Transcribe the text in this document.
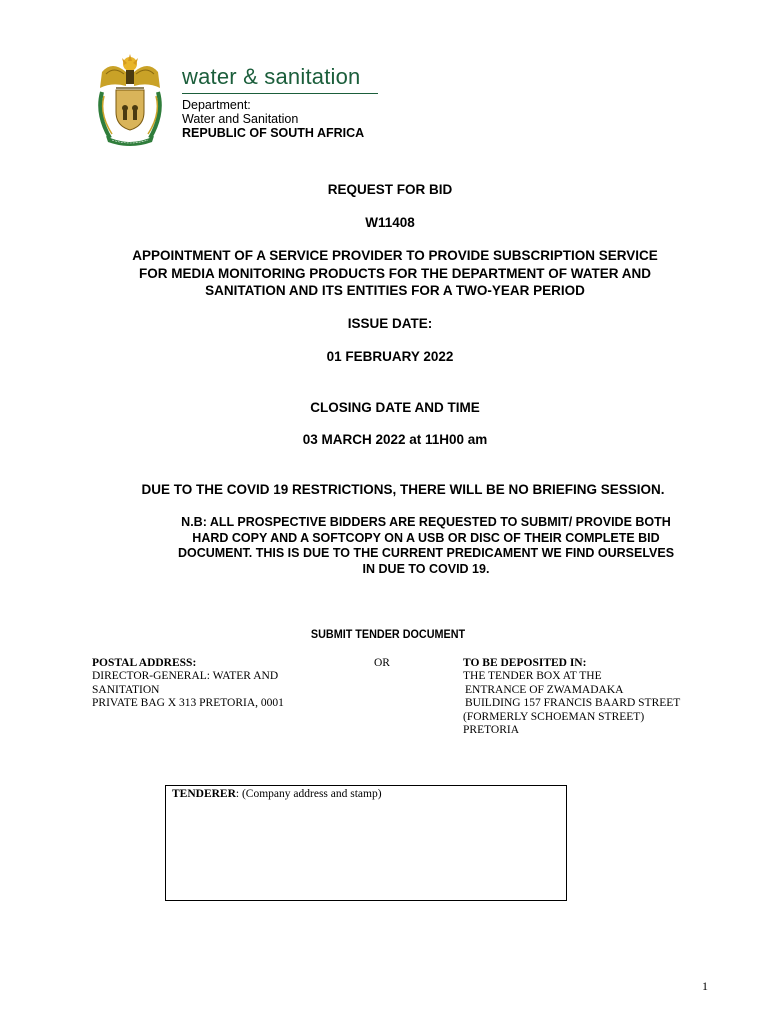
water & sanitation
Department:
Water and Sanitation
REPUBLIC OF SOUTH AFRICA
REQUEST FOR BID
W11408
APPOINTMENT OF A SERVICE PROVIDER TO PROVIDE SUBSCRIPTION SERVICE
FOR MEDIA MONITORING PRODUCTS FOR THE DEPARTMENT OF WATER AND
SANITATION AND ITS ENTITIES FOR A TWO-YEAR PERIOD
ISSUE DATE:
01 FEBRUARY 2022
CLOSING DATE AND TIME
03 MARCH 2022 at 11H00 am
DUE TO THE COVID 19 RESTRICTIONS, THERE WILL BE NO BRIEFING SESSION.
N.B: ALL PROSPECTIVE BIDDERS ARE REQUESTED TO SUBMIT/ PROVIDE BOTH
HARD COPY AND A SOFTCOPY ON A USB OR DISC OF THEIR COMPLETE BID
DOCUMENT. THIS IS DUE TO THE CURRENT PREDICAMENT WE FIND OURSELVES
IN DUE TO COVID 19.
SUBMIT TENDER DOCUMENT
POSTAL ADDRESS:
DIRECTOR-GENERAL: WATER AND
SANITATION
PRIVATE BAG X 313 PRETORIA, 0001
OR	TO BE DEPOSITED IN:
THE TENDER BOX AT THE
ENTRANCE OF ZWAMADAKA
BUILDING 157 FRANCIS BAARD STREET
(FORMERLY SCHOEMAN STREET)
PRETORIA
TENDERER: (Company address and stamp)
1
